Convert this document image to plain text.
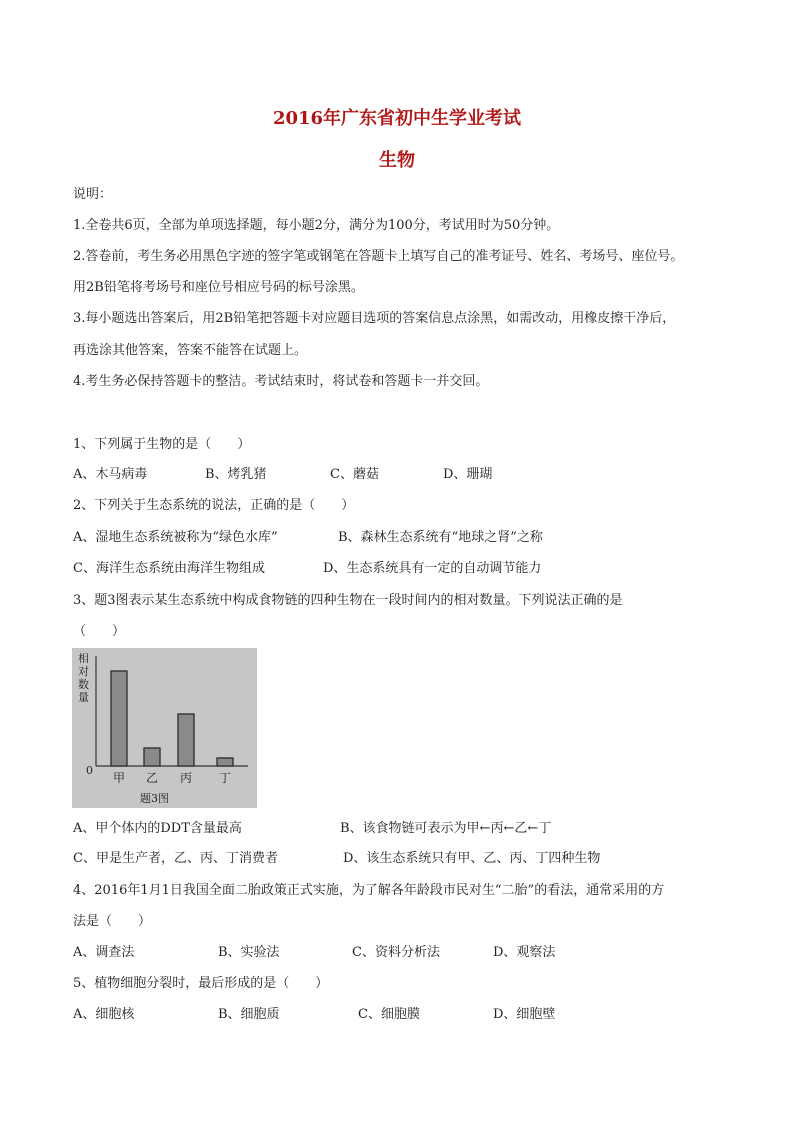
2016年广东省初中生学业考试
生物
说明：
1.全卷共6页，全部为单项选择题，每小题2分，满分为100分，考试用时为50分钟。
2.答卷前，考生务必用黑色字迹的签字笔或钢笔在答题卡上填写自己的准考证号、姓名、考场号、座位号。
用2B铅笔将考场号和座位号相应号码的标号涂黑。
3.每小题选出答案后，用2B铅笔把答题卡对应题目选项的答案信息点涂黑，如需改动，用橡皮擦干净后，
再选涂其他答案，答案不能答在试题上。
4.考生务必保持答题卡的整洁。考试结束时，将试卷和答题卡一并交回。
1、下列属于生物的是（　　）
A、木马病毒	B、烤乳猪	C、蘑菇	D、珊瑚
2、下列关于生态系统的说法，正确的是（　　）
A、湿地生态系统被称为“绿色水库”	B、森林生态系统有“地球之肾”之称
C、海洋生态系统由海洋生物组成	D、生态系统具有一定的自动调节能力
3、题3图表示某生态系统中构成食物链的四种生物在一段时间内的相对数量。下列说法正确的是
（　　）
相 对 数 量
0
甲 乙 丙 丁
题3图
A、甲个体内的DDT含量最高	B、该食物链可表示为甲←丙←乙←丁
C、甲是生产者，乙、丙、丁消费者	D、该生态系统只有甲、乙、丙、丁四种生物
4、2016年1月1日我国全面二胎政策正式实施，为了解各年龄段市民对生“二胎”的看法，通常采用的方
法是（　　）
A、调查法	B、实验法	C、资料分析法	D、观察法
5、植物细胞分裂时，最后形成的是（　　）
A、细胞核	B、细胞质	C、细胞膜	D、细胞壁
